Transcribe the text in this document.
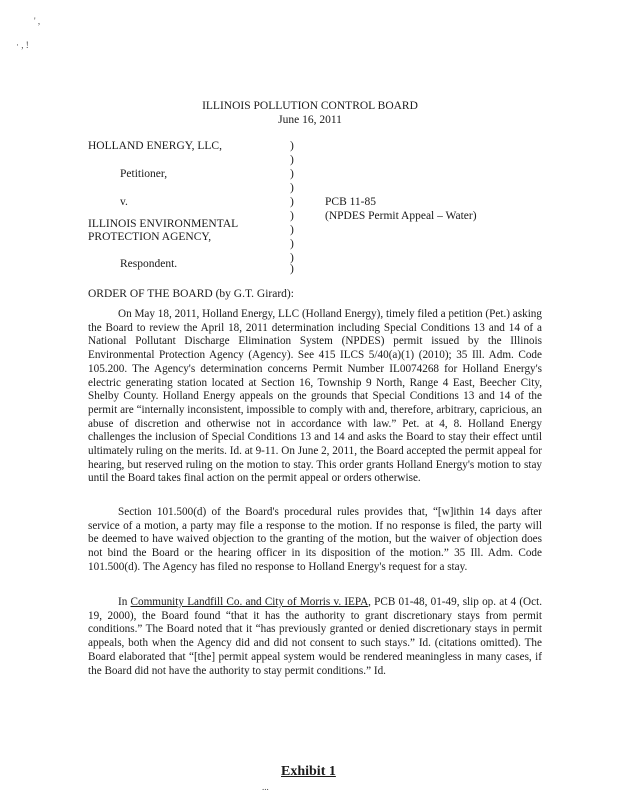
' ,
· , !
ILLINOIS POLLUTION CONTROL BOARD
June 16, 2011
HOLLAND ENERGY, LLC,
Petitioner,
v.
ILLINOIS ENVIRONMENTAL
PROTECTION AGENCY,
Respondent.
)
)
)
)
)
)
)
)
)
)
PCB 11-85
(NPDES Permit Appeal – Water)
ORDER OF THE BOARD (by G.T. Girard):
On May 18, 2011, Holland Energy, LLC (Holland Energy), timely filed a petition (Pet.) asking the Board to review the April 18, 2011 determination including Special Conditions 13 and 14 of a National Pollutant Discharge Elimination System (NPDES) permit issued by the Illinois Environmental Protection Agency (Agency). See 415 ILCS 5/40(a)(1) (2010); 35 Ill. Adm. Code 105.200. The Agency's determination concerns Permit Number IL0074268 for Holland Energy's electric generating station located at Section 16, Township 9 North, Range 4 East, Beecher City, Shelby County. Holland Energy appeals on the grounds that Special Conditions 13 and 14 of the permit are “internally inconsistent, impossible to comply with and, therefore, arbitrary, capricious, an abuse of discretion and otherwise not in accordance with law.” Pet. at 4, 8. Holland Energy challenges the inclusion of Special Conditions 13 and 14 and asks the Board to stay their effect until ultimately ruling on the merits. Id. at 9-11. On June 2, 2011, the Board accepted the permit appeal for hearing, but reserved ruling on the motion to stay. This order grants Holland Energy's motion to stay until the Board takes final action on the permit appeal or orders otherwise.
Section 101.500(d) of the Board's procedural rules provides that, “[w]ithin 14 days after service of a motion, a party may file a response to the motion. If no response is filed, the party will be deemed to have waived objection to the granting of the motion, but the waiver of objection does not bind the Board or the hearing officer in its disposition of the motion.” 35 Ill. Adm. Code 101.500(d). The Agency has filed no response to Holland Energy's request for a stay.
In Community Landfill Co. and City of Morris v. IEPA, PCB 01-48, 01-49, slip op. at 4 (Oct. 19, 2000), the Board found “that it has the authority to grant discretionary stays from permit conditions.” The Board noted that it “has previously granted or denied discretionary stays in permit appeals, both when the Agency did and did not consent to such stays.” Id. (citations omitted). The Board elaborated that “[the] permit appeal system would be rendered meaningless in many cases, if the Board did not have the authority to stay permit conditions.” Id.
Exhibit 1
...
